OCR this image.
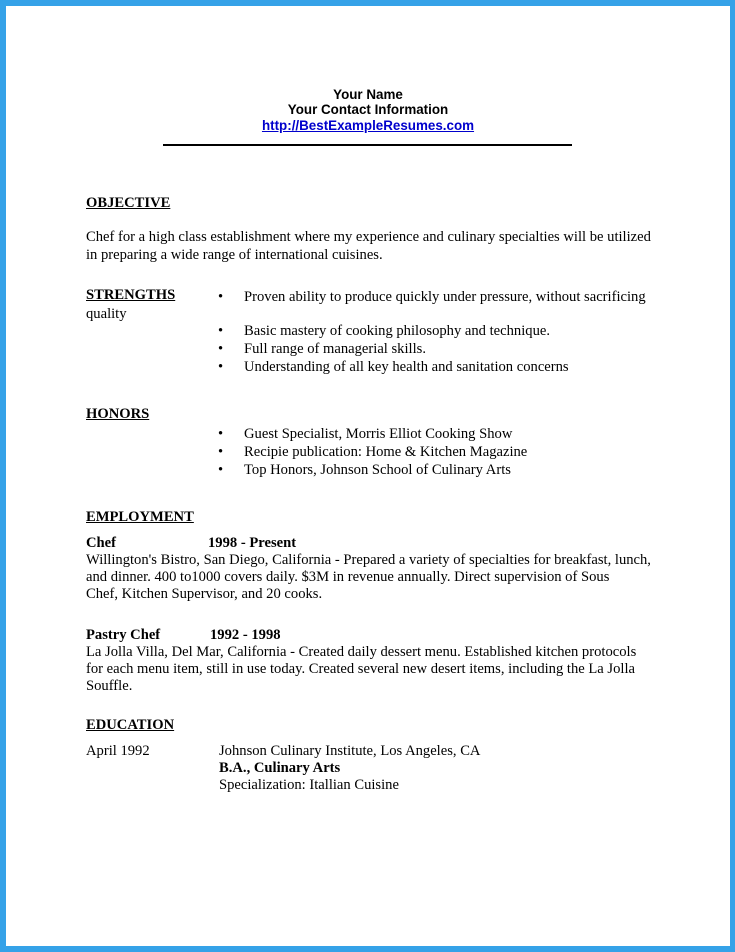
Your Name
Your Contact Information
http://BestExampleResumes.com
OBJECTIVE
Chef for a high class establishment where my experience and culinary specialties will be utilized
in preparing a wide range of international cuisines.
STRENGTHS	• Proven ability to produce quickly under pressure, without sacrificing
quality
• Basic mastery of cooking philosophy and technique.
• Full range of managerial skills.
• Understanding of all key health and sanitation concerns
HONORS
• Guest Specialist, Morris Elliot Cooking Show
• Recipie publication: Home & Kitchen Magazine
• Top Honors, Johnson School of Culinary Arts
EMPLOYMENT
Chef	1998 - Present
Willington's Bistro, San Diego, California - Prepared a variety of specialties for breakfast, lunch,
and dinner. 400 to1000 covers daily. $3M in revenue annually. Direct supervision of Sous
Chef, Kitchen Supervisor, and 20 cooks.
Pastry Chef	1992 - 1998
La Jolla Villa, Del Mar, California - Created daily dessert menu. Established kitchen protocols
for each menu item, still in use today. Created several new desert items, including the La Jolla
Souffle.
EDUCATION
April 1992	Johnson Culinary Institute, Los Angeles, CA
B.A., Culinary Arts
Specialization: Itallian Cuisine
